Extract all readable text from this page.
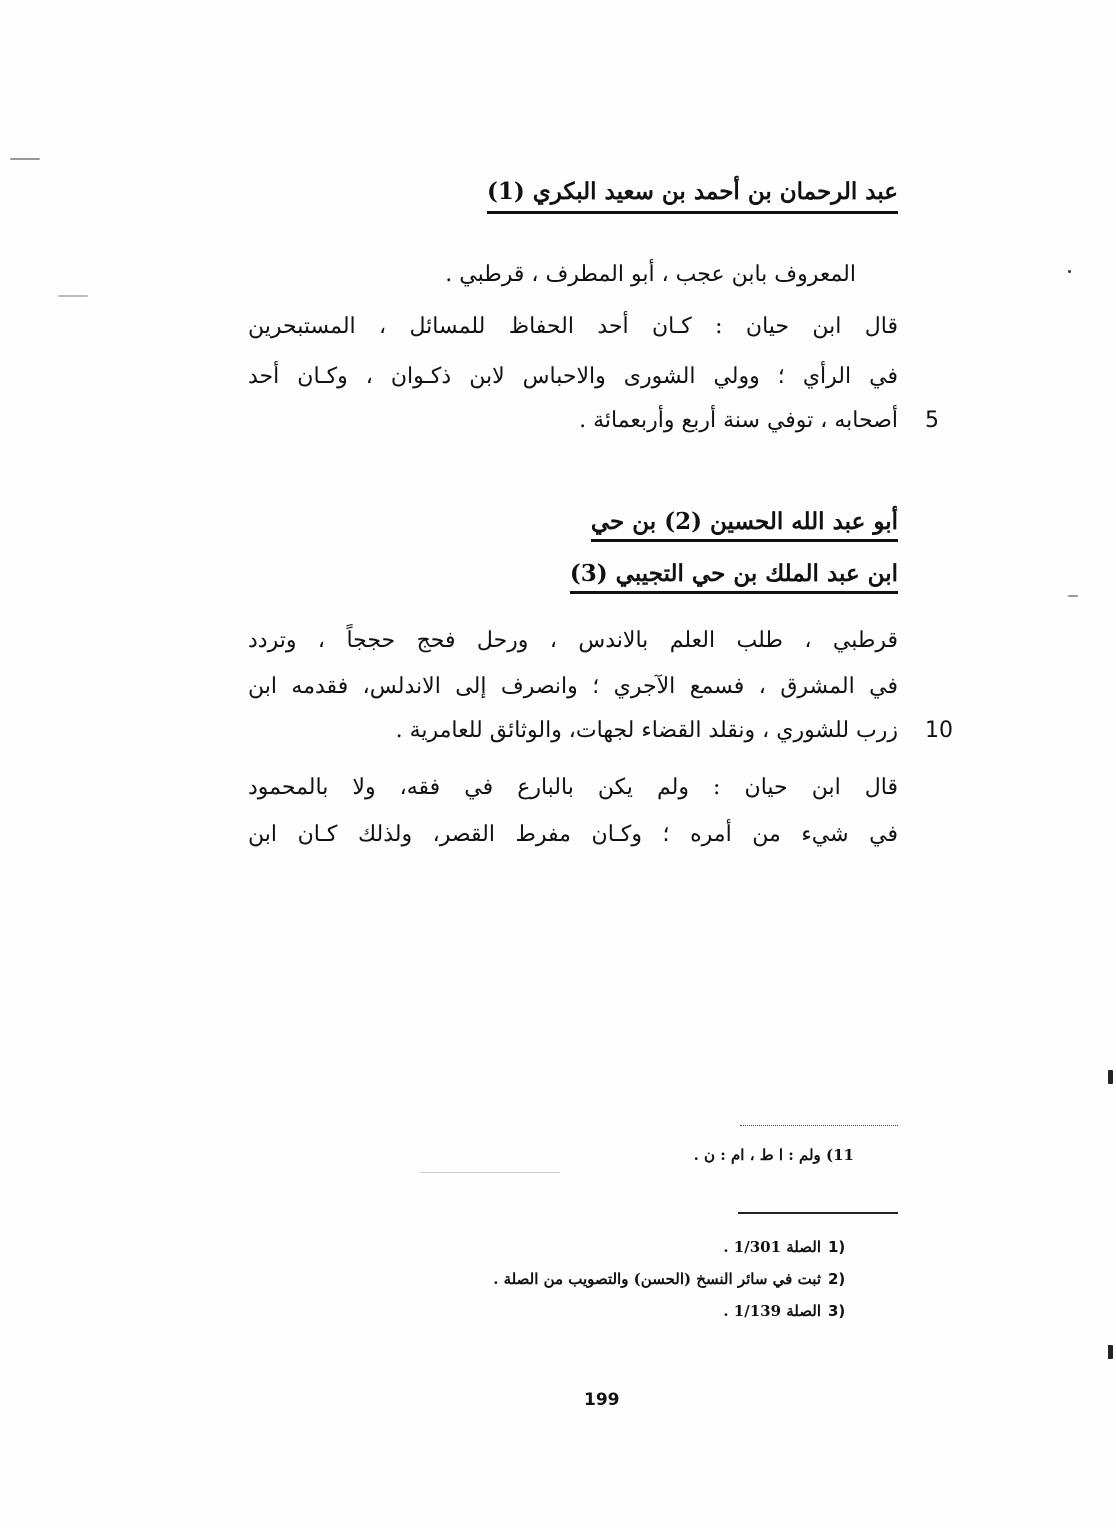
عبد الرحمان بن أحمد بن سعيد البكري (1)
المعروف بابن عجب ، أبو المطرف ، قرطبي .
قال ابن حيان : كـان أحد الحفاظ للمسائل ، المستبحرين
في الرأي ؛ وولي الشورى والاحباس لابن ذكـوان ، وكـان أحد
أصحابه ، توفي سنة أربع وأربعمائة . 5
أبو عبد الله الحسين (2) بن حي
ابن عبد الملك بن حي التجيبي (3)
قرطبي ، طلب العلم بالاندس ، ورحل فحج حججاً ، وتردد
في المشرق ، فسمع الآجري ؛ وانصرف إلى الاندلس، فقدمه ابن
زرب للشوري ، ونقلد القضاء لجهات، والوثائق للعامرية . 10
قال ابن حيان : ولم يكن بالبارع في فقه، ولا بالمحمود
في شيء من أمره ؛ وكـان مفرط القصر، ولذلك كـان ابن
11) ولم : ا ط ، ام : ن .
1)
الصلة 1/301 .
2)
ثبت في سائر النسخ (الحسن) والتصويب من الصلة .
3)
الصلة 1/139 .
199
